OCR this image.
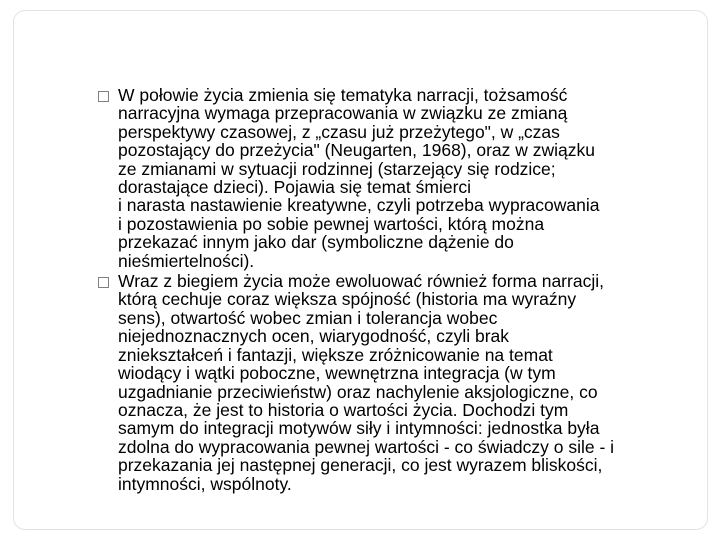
W połowie życia zmienia się tematyka narracji, tożsamość
narracyjna wymaga przepracowania w związku ze zmianą
perspektywy czasowej, z „czasu już przeżytego", w „czas
pozostający do przeżycia" (Neugarten, 1968), oraz w związku
ze zmianami w sytuacji rodzinnej (starzejący się rodzice;
dorastające dzieci). Pojawia się temat śmierci
i narasta nastawienie kreatywne, czyli potrzeba wypracowania
i pozostawienia po sobie pewnej wartości, którą można
przekazać innym jako dar (symboliczne dążenie do
nieśmiertelności).
Wraz z biegiem życia może ewoluować również forma narracji,
którą cechuje coraz większa spójność (historia ma wyraźny
sens), otwartość wobec zmian i tolerancja wobec
niejednoznacznych ocen, wiarygodność, czyli brak
zniekształceń i fantazji, większe zróżnicowanie na temat
wiodący i wątki poboczne, wewnętrzna integracja (w tym
uzgadnianie przeciwieństw) oraz nachylenie aksjologiczne, co
oznacza, że jest to historia o wartości życia. Dochodzi tym
samym do integracji motywów siły i intymności: jednostka była
zdolna do wypracowania pewnej wartości - co świadczy o sile - i
przekazania jej następnej generacji, co jest wyrazem bliskości,
intymności, wspólnoty.
